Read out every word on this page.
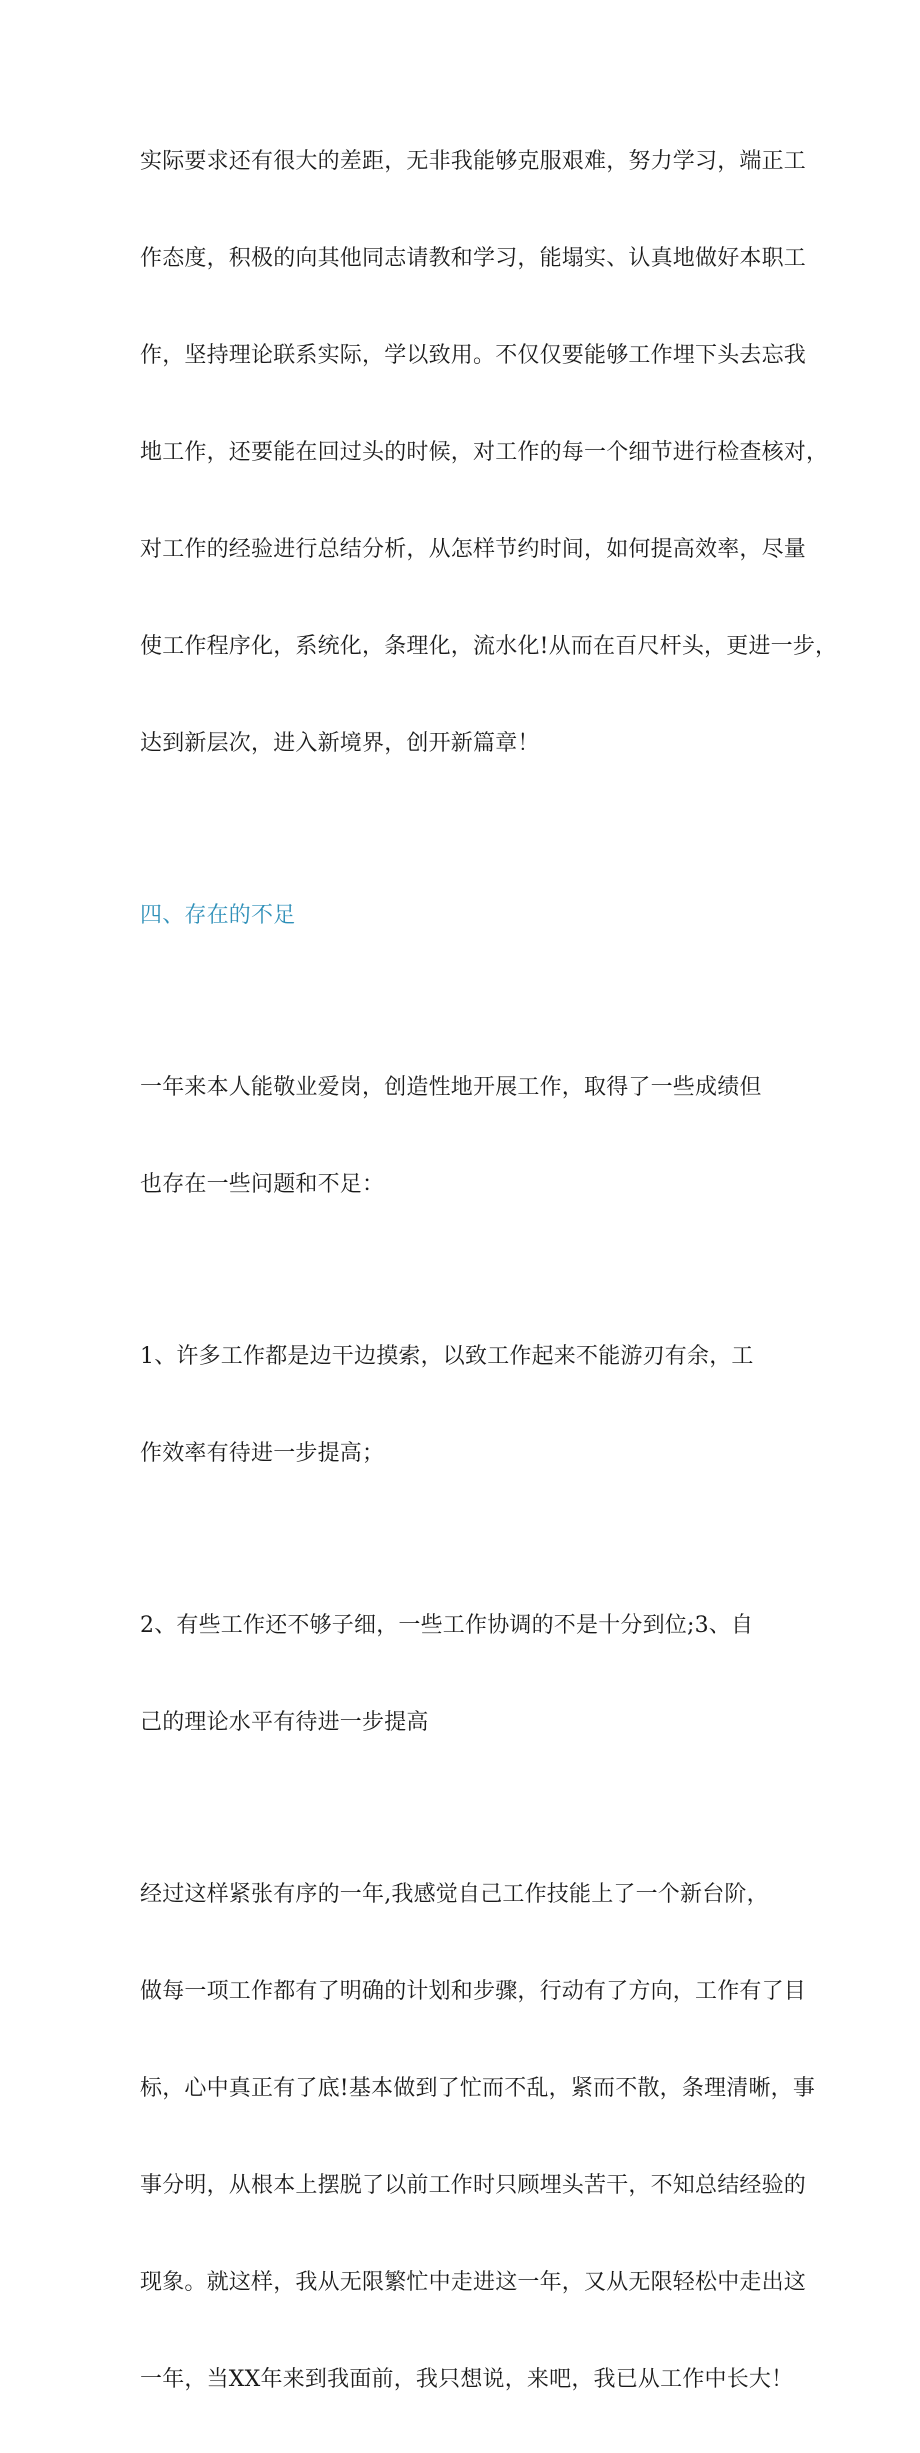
实际要求还有很大的差距，无非我能够克服艰难，努力学习，端正工

作态度，积极的向其他同志请教和学习，能塌实、认真地做好本职工

作，坚持理论联系实际，学以致用。不仅仅要能够工作埋下头去忘我

地工作，还要能在回过头的时候，对工作的每一个细节进行检查核对，

对工作的经验进行总结分析，从怎样节约时间，如何提高效率，尽量

使工作程序化，系统化，条理化，流水化!从而在百尺杆头，更进一步，

达到新层次，进入新境界，创开新篇章！

四、存在的不足

一年来本人能敬业爱岗，创造性地开展工作，取得了一些成绩但

也存在一些问题和不足：

1、许多工作都是边干边摸索，以致工作起来不能游刃有余，工

作效率有待进一步提高；

2、有些工作还不够子细，一些工作协调的不是十分到位;3、自

己的理论水平有待进一步提高

经过这样紧张有序的一年,我感觉自己工作技能上了一个新台阶，

做每一项工作都有了明确的计划和步骤，行动有了方向，工作有了目

标，心中真正有了底!基本做到了忙而不乱，紧而不散，条理清晰，事

事分明，从根本上摆脱了以前工作时只顾埋头苦干，不知总结经验的

现象。就这样，我从无限繁忙中走进这一年，又从无限轻松中走出这

一年，当XX年来到我面前，我只想说，来吧，我已从工作中长大！
